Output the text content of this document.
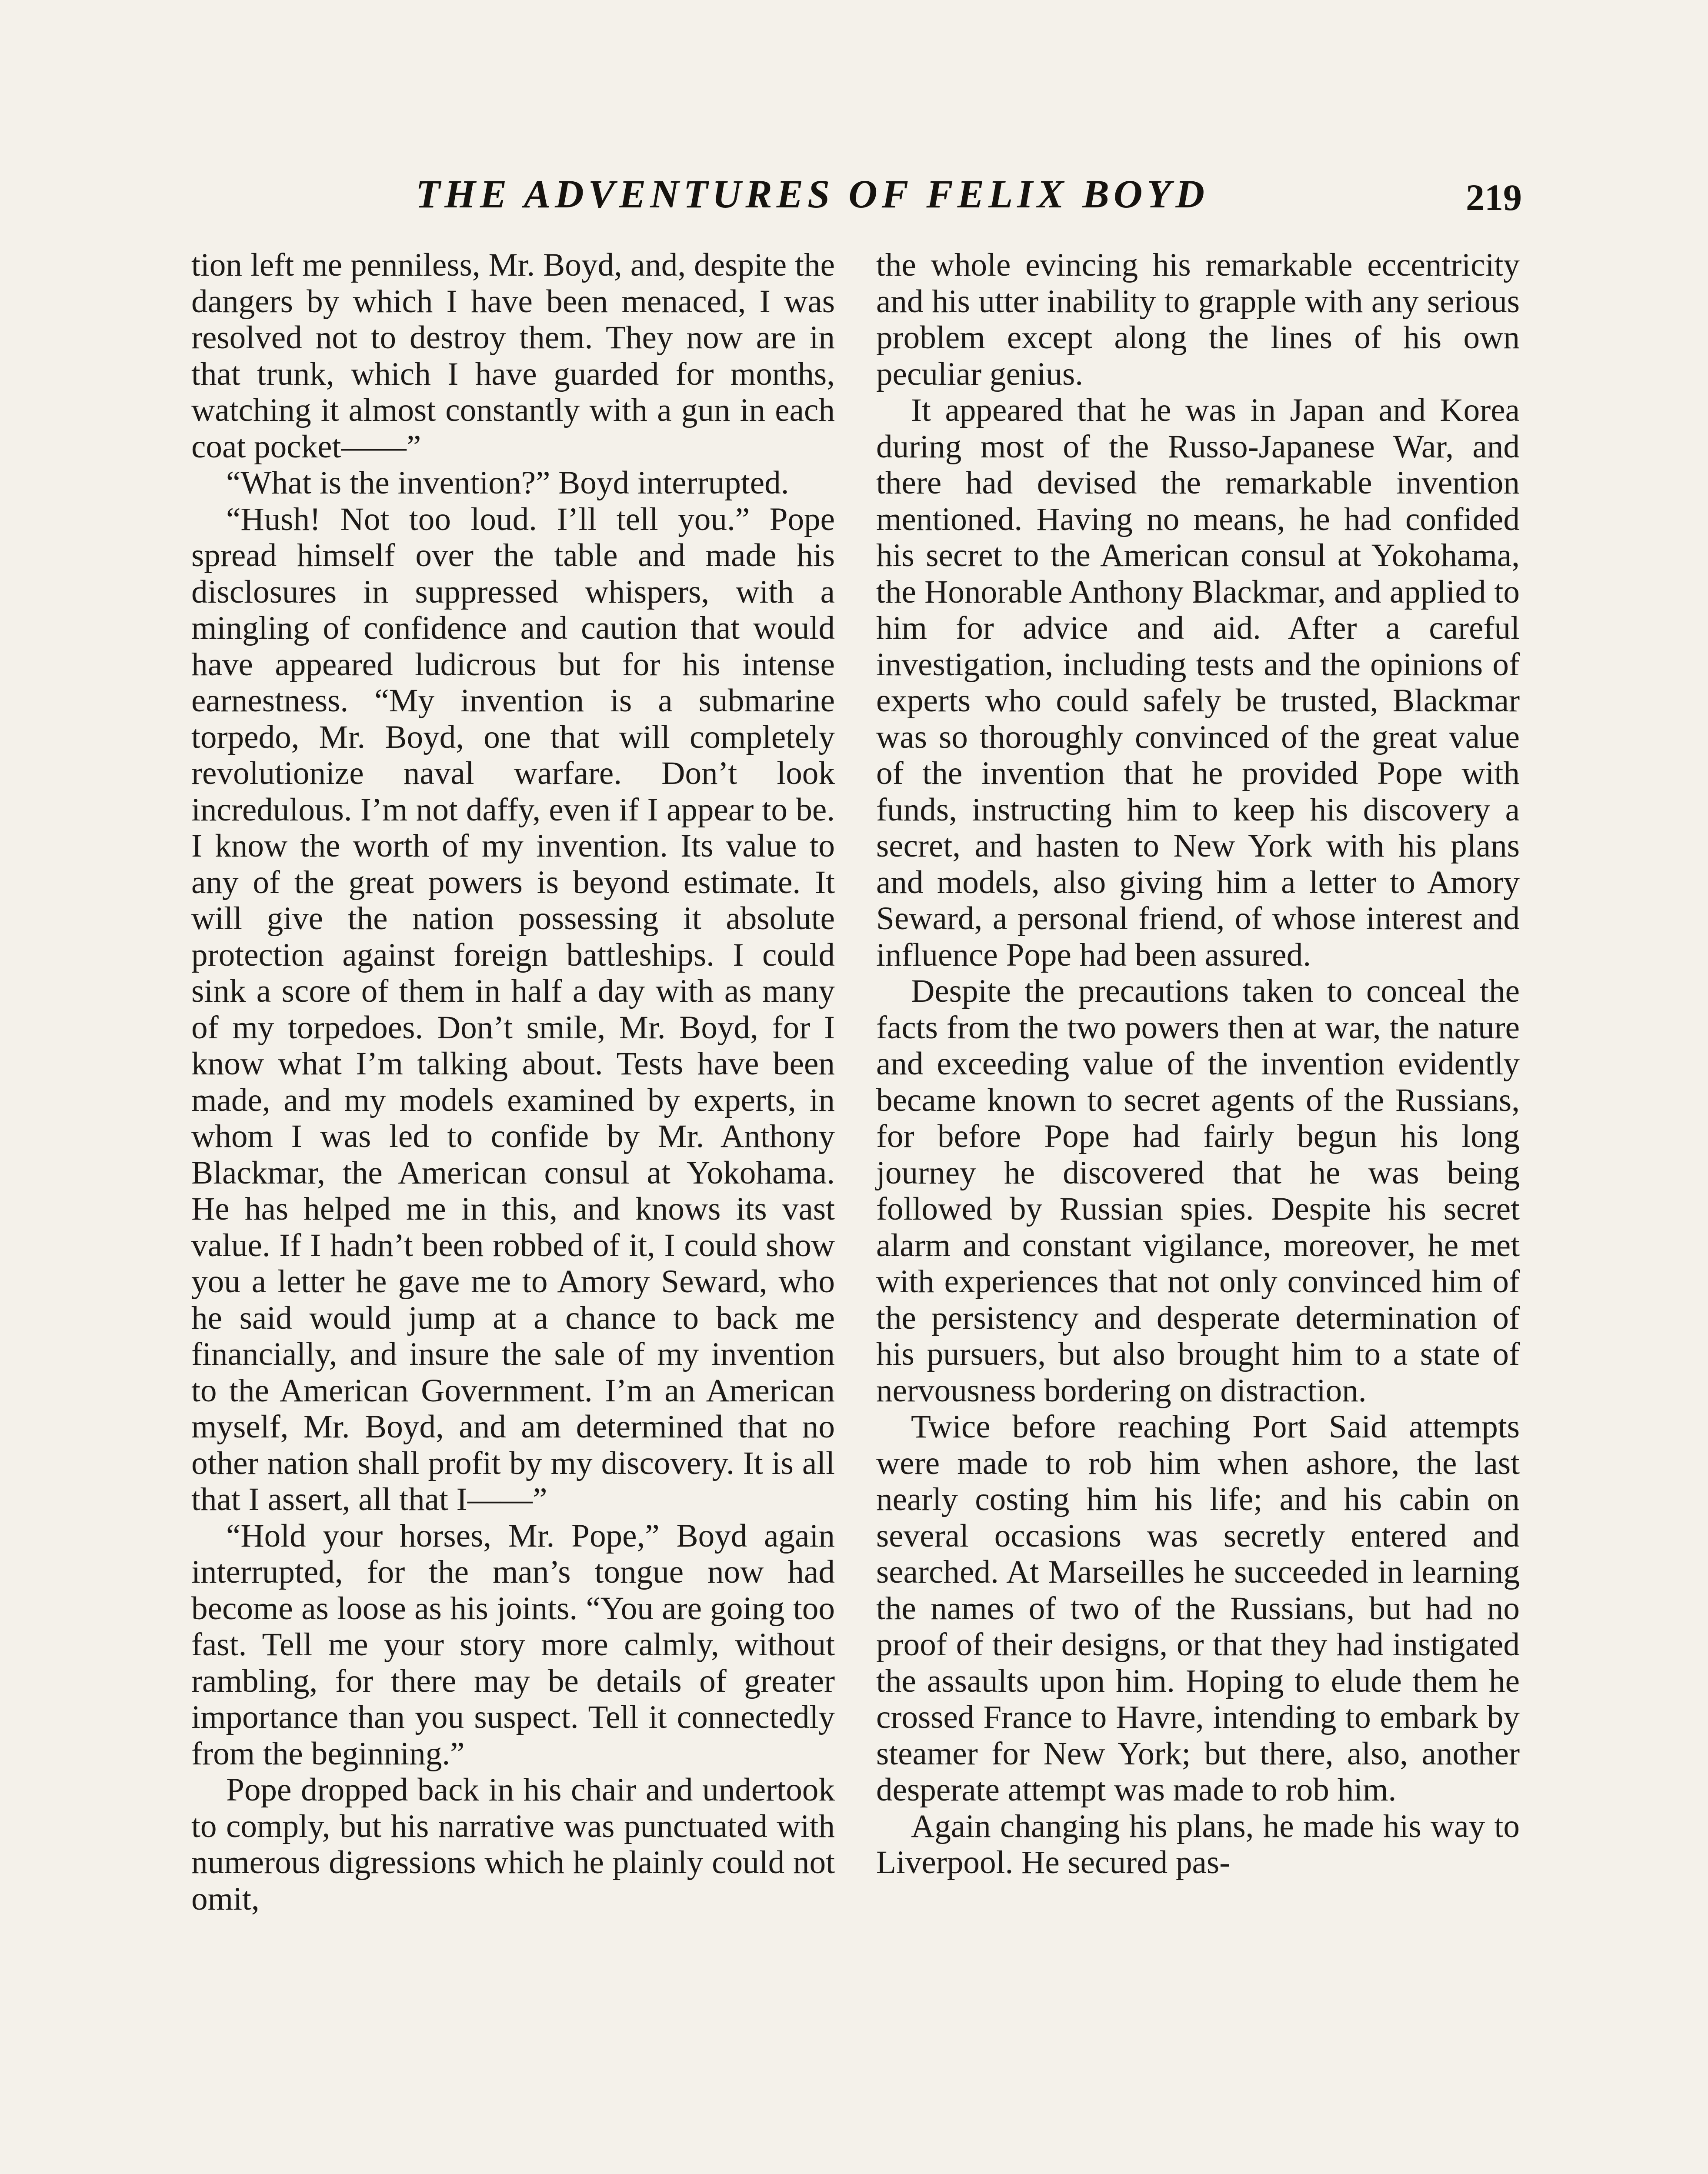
THE ADVENTURES OF FELIX BOYD	219

tion left me penniless, Mr. Boyd, and, despite the dangers by which I have been menaced, I was resolved not to destroy them. They now are in that trunk, which I have guarded for months, watching it almost constantly with a gun in each coat pocket——”

“What is the invention?” Boyd interrupted.

“Hush! Not too loud. I’ll tell you.” Pope spread himself over the table and made his disclosures in suppressed whispers, with a mingling of confidence and caution that would have appeared ludicrous but for his intense earnestness. “My invention is a submarine torpedo, Mr. Boyd, one that will completely revolutionize naval warfare. Don’t look incredulous. I’m not daffy, even if I appear to be. I know the worth of my invention. Its value to any of the great powers is beyond estimate. It will give the nation possessing it absolute protection against foreign battleships. I could sink a score of them in half a day with as many of my torpedoes. Don’t smile, Mr. Boyd, for I know what I’m talking about. Tests have been made, and my models examined by experts, in whom I was led to confide by Mr. Anthony Blackmar, the American consul at Yokohama. He has helped me in this, and knows its vast value. If I hadn’t been robbed of it, I could show you a letter he gave me to Amory Seward, who he said would jump at a chance to back me financially, and insure the sale of my invention to the American Government. I’m an American myself, Mr. Boyd, and am determined that no other nation shall profit by my discovery. It is all that I assert, all that I——”

“Hold your horses, Mr. Pope,” Boyd again interrupted, for the man’s tongue now had become as loose as his joints. “You are going too fast. Tell me your story more calmly, without rambling, for there may be details of greater importance than you suspect. Tell it connectedly from the beginning.”

Pope dropped back in his chair and undertook to comply, but his narrative was punctuated with numerous digressions which he plainly could not omit,

the whole evincing his remarkable eccentricity and his utter inability to grapple with any serious problem except along the lines of his own peculiar genius.

It appeared that he was in Japan and Korea during most of the Russo-Japanese War, and there had devised the remarkable invention mentioned. Having no means, he had confided his secret to the American consul at Yokohama, the Honorable Anthony Blackmar, and applied to him for advice and aid. After a careful investigation, including tests and the opinions of experts who could safely be trusted, Blackmar was so thoroughly convinced of the great value of the invention that he provided Pope with funds, instructing him to keep his discovery a secret, and hasten to New York with his plans and models, also giving him a letter to Amory Seward, a personal friend, of whose interest and influence Pope had been assured.

Despite the precautions taken to conceal the facts from the two powers then at war, the nature and exceeding value of the invention evidently became known to secret agents of the Russians, for before Pope had fairly begun his long journey he discovered that he was being followed by Russian spies. Despite his secret alarm and constant vigilance, moreover, he met with experiences that not only convinced him of the persistency and desperate determination of his pursuers, but also brought him to a state of nervousness bordering on distraction.

Twice before reaching Port Said attempts were made to rob him when ashore, the last nearly costing him his life; and his cabin on several occasions was secretly entered and searched. At Marseilles he succeeded in learning the names of two of the Russians, but had no proof of their designs, or that they had instigated the assaults upon him. Hoping to elude them he crossed France to Havre, intending to embark by steamer for New York; but there, also, another desperate attempt was made to rob him.

Again changing his plans, he made his way to Liverpool. He secured pas-
